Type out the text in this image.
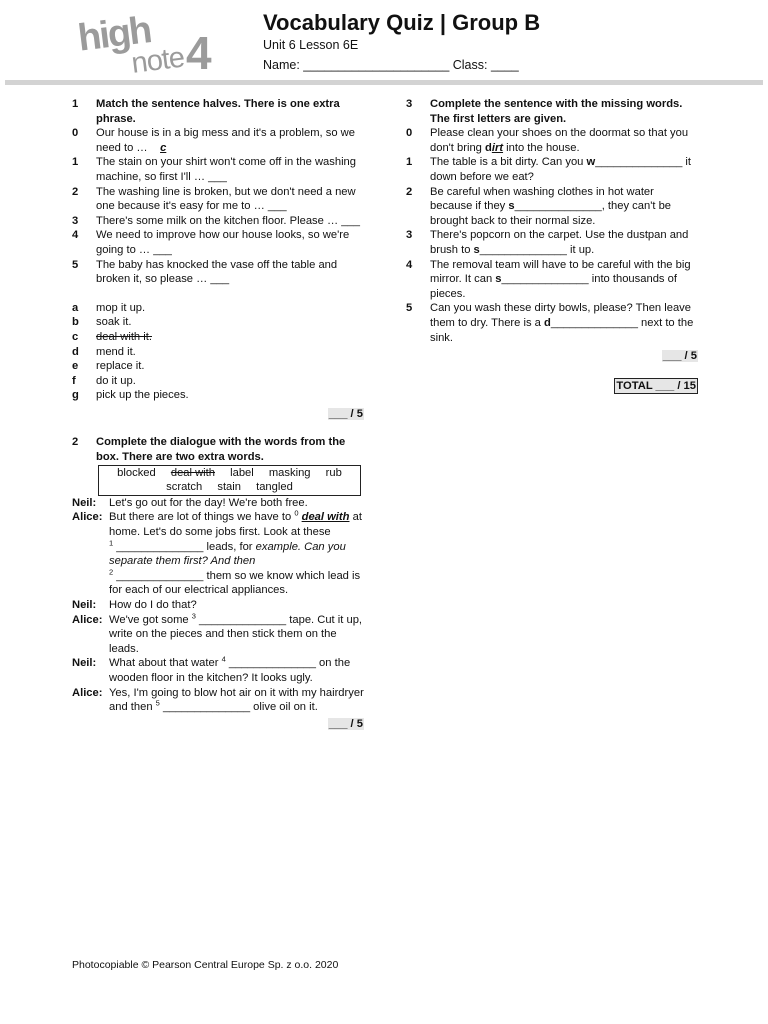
high
note 4
Vocabulary Quiz | Group B
Unit 6 Lesson 6E
Name: _____________________ Class: ____
1	Match the sentence halves. There is one extra phrase.
0	Our house is in a big mess and it's a problem, so we need to … c
1	The stain on your shirt won't come off in the washing machine, so first I'll … ___
2	The washing line is broken, but we don't need a new one because it's easy for me to … ___
3	There's some milk on the kitchen floor. Please … ___
4	We need to improve how our house looks, so we're going to … ___
5	The baby has knocked the vase off the table and broken it, so please … ___
a	mop it up.
b	soak it.
c	deal with it.
d	mend it.
e	replace it.
f	do it up.
g	pick up the pieces.
___ / 5
2	Complete the dialogue with the words from the box. There are two extra words.
blocked deal with label masking rub
scratch stain tangled
Neil:	Let's go out for the day! We're both free.
Alice: But there are lot of things we have to $^0$ deal with at home. Let's do some jobs first. Look at these
$^1$ ______________ leads, for example. Can you separate them first? And then
$^2$ ______________ them so we know which lead is for each of our electrical appliances.
Neil:	How do I do that?
Alice: We've got some $^3$ ______________ tape. Cut it up, write on the pieces and then stick them on the leads.
Neil:	What about that water $^4$ ______________ on the wooden floor in the kitchen? It looks ugly.
Alice: Yes, I'm going to blow hot air on it with my hairdryer and then $^5$ ______________ olive oil on it.
___ / 5
3	Complete the sentence with the missing words. The first letters are given.
0	Please clean your shoes on the doormat so that you don't bring dirt into the house.
1	The table is a bit dirty. Can you w______________ it down before we eat?
2	Be careful when washing clothes in hot water because if they s______________, they can't be brought back to their normal size.
3	There's popcorn on the carpet. Use the dustpan and brush to s______________ it up.
4	The removal team will have to be careful with the big mirror. It can s______________ into thousands of pieces.
5	Can you wash these dirty bowls, please? Then leave them to dry. There is a d______________ next to the sink.
___ / 5
TOTAL ___ / 15
Photocopiable © Pearson Central Europe Sp. z o.o. 2020
